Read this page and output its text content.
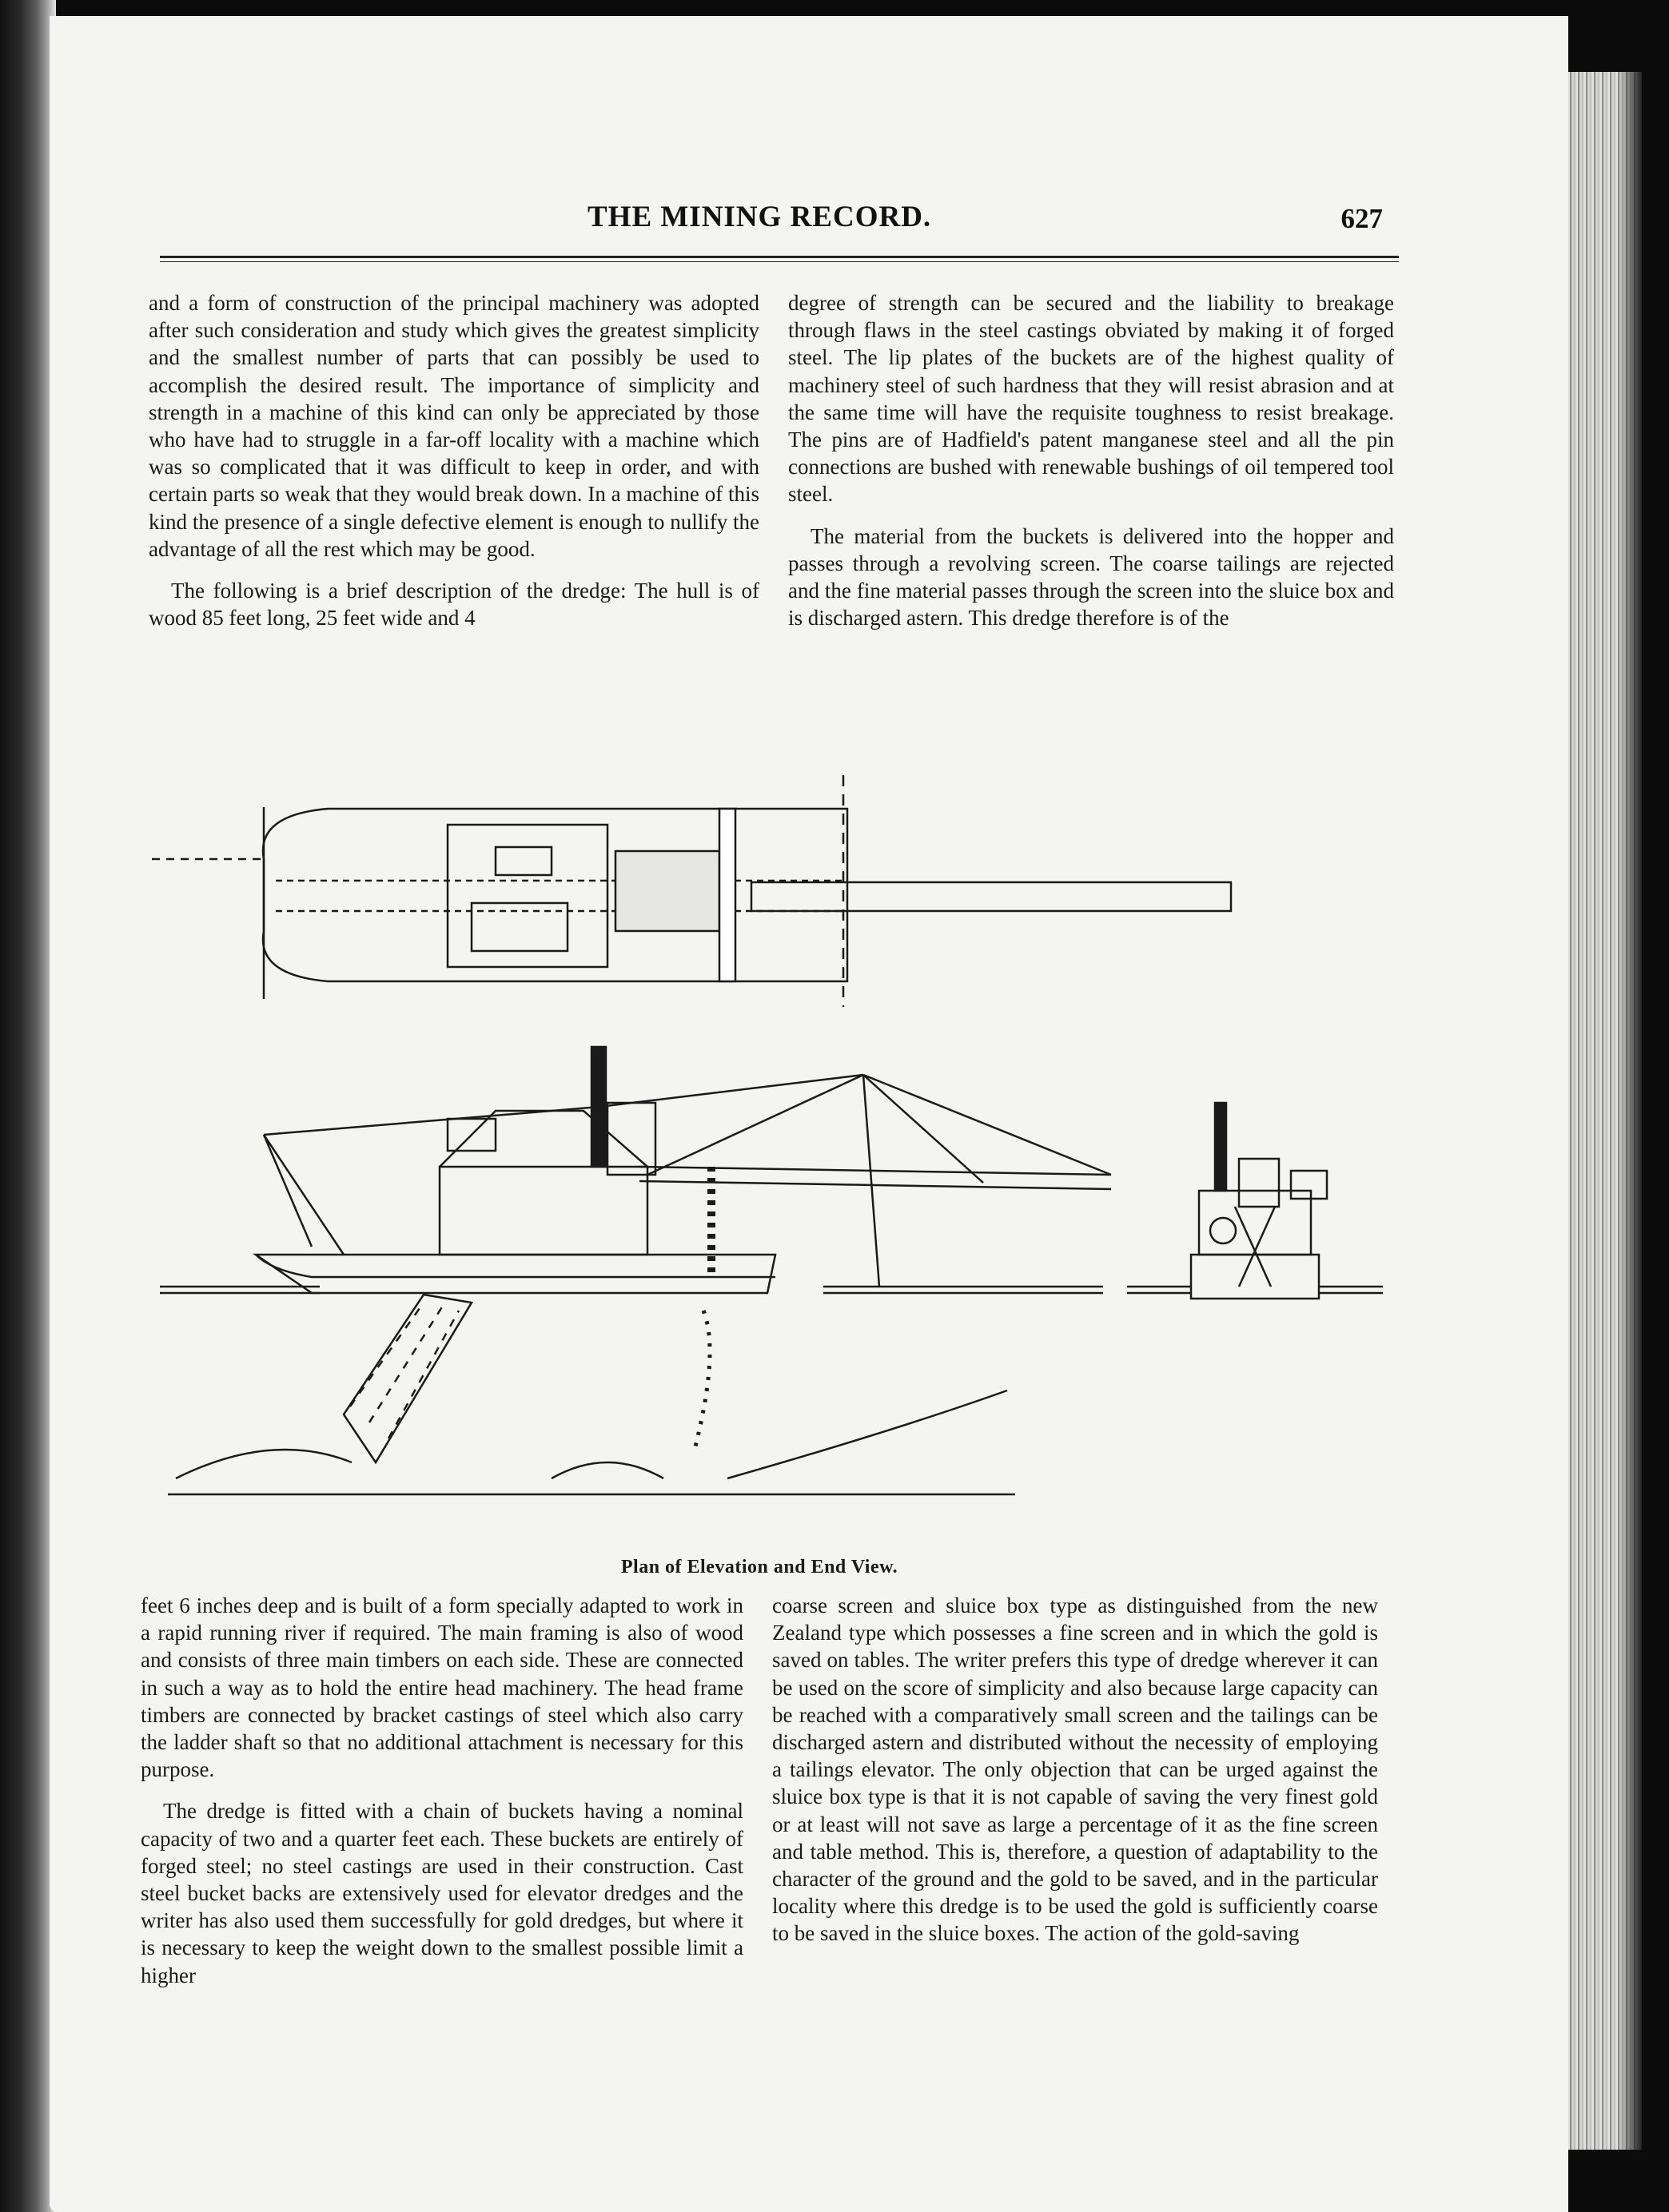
THE MINING RECORD.	627

and a form of construction of the principal machinery was adopted after such consideration and study which gives the greatest simplicity and the smallest number of parts that can possibly be used to accomplish the desired result. The importance of simplicity and strength in a machine of this kind can only be appreciated by those who have had to struggle in a far-off locality with a machine which was so complicated that it was difficult to keep in order, and with certain parts so weak that they would break down. In a machine of this kind the presence of a single defective element is enough to nullify the advantage of all the rest which may be good.

The following is a brief description of the dredge: The hull is of wood 85 feet long, 25 feet wide and 4

degree of strength can be secured and the liability to breakage through flaws in the steel castings obviated by making it of forged steel. The lip plates of the buckets are of the highest quality of machinery steel of such hardness that they will resist abrasion and at the same time will have the requisite toughness to resist breakage. The pins are of Hadfield's patent manganese steel and all the pin connections are bushed with renewable bushings of oil tempered tool steel.

The material from the buckets is delivered into the hopper and passes through a revolving screen. The coarse tailings are rejected and the fine material passes through the screen into the sluice box and is discharged astern. This dredge therefore is of the

Plan of Elevation and End View.

feet 6 inches deep and is built of a form specially adapted to work in a rapid running river if required. The main framing is also of wood and consists of three main timbers on each side. These are connected in such a way as to hold the entire head machinery. The head frame timbers are connected by bracket castings of steel which also carry the ladder shaft so that no additional attachment is necessary for this purpose.

The dredge is fitted with a chain of buckets having a nominal capacity of two and a quarter feet each. These buckets are entirely of forged steel; no steel castings are used in their construction. Cast steel bucket backs are extensively used for elevator dredges and the writer has also used them successfully for gold dredges, but where it is necessary to keep the weight down to the smallest possible limit a higher

coarse screen and sluice box type as distinguished from the new Zealand type which possesses a fine screen and in which the gold is saved on tables. The writer prefers this type of dredge wherever it can be used on the score of simplicity and also because large capacity can be reached with a comparatively small screen and the tailings can be discharged astern and distributed without the necessity of employing a tailings elevator. The only objection that can be urged against the sluice box type is that it is not capable of saving the very finest gold or at least will not save as large a percentage of it as the fine screen and table method. This is, therefore, a question of adaptability to the character of the ground and the gold to be saved, and in the particular locality where this dredge is to be used the gold is sufficiently coarse to be saved in the sluice boxes. The action of the gold-saving
